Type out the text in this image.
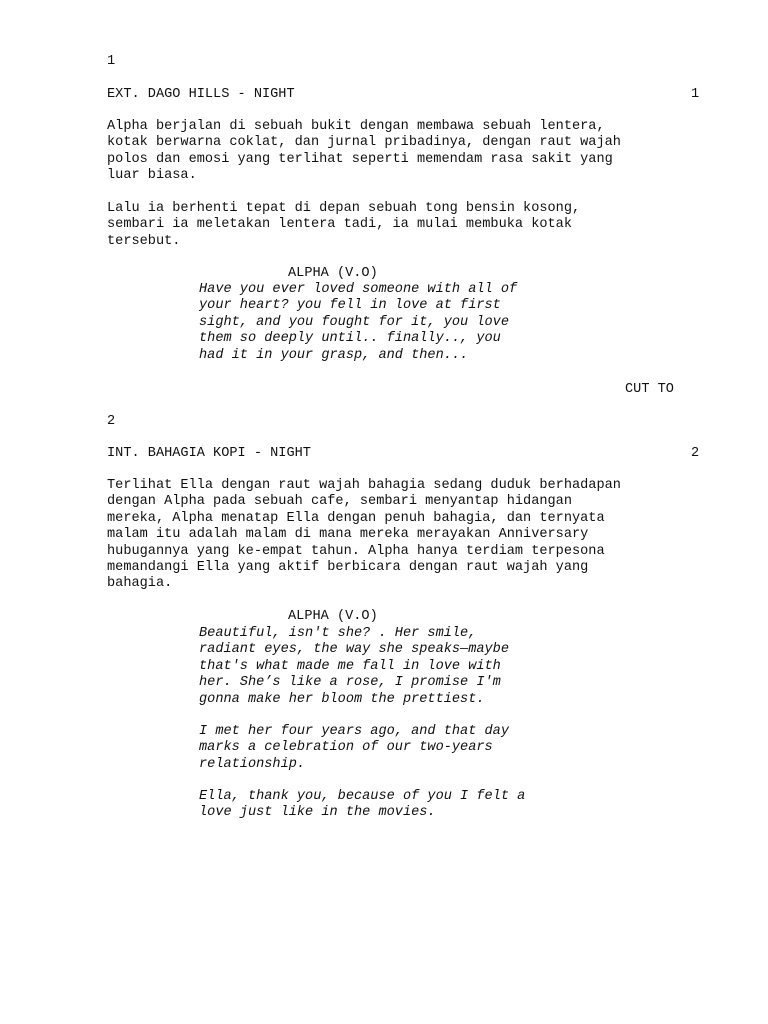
1
EXT. DAGO HILLS - NIGHT	1
Alpha berjalan di sebuah bukit dengan membawa sebuah lentera,
kotak berwarna coklat, dan jurnal pribadinya, dengan raut wajah
polos dan emosi yang terlihat seperti memendam rasa sakit yang
luar biasa.
Lalu ia berhenti tepat di depan sebuah tong bensin kosong,
sembari ia meletakan lentera tadi, ia mulai membuka kotak
tersebut.
ALPHA (V.O)
Have you ever loved someone with all of
your heart? you fell in love at first
sight, and you fought for it, you love
them so deeply until.. finally.., you
had it in your grasp, and then...
CUT TO
2
INT. BAHAGIA KOPI - NIGHT	2
Terlihat Ella dengan raut wajah bahagia sedang duduk berhadapan
dengan Alpha pada sebuah cafe, sembari menyantap hidangan
mereka, Alpha menatap Ella dengan penuh bahagia, dan ternyata
malam itu adalah malam di mana mereka merayakan Anniversary
hubugannya yang ke-empat tahun. Alpha hanya terdiam terpesona
memandangi Ella yang aktif berbicara dengan raut wajah yang
bahagia.
ALPHA (V.O)
Beautiful, isn't she? . Her smile,
radiant eyes, the way she speaks—maybe
that's what made me fall in love with
her. She’s like a rose, I promise I'm
gonna make her bloom the prettiest.
I met her four years ago, and that day
marks a celebration of our two-years
relationship.
Ella, thank you, because of you I felt a
love just like in the movies.
